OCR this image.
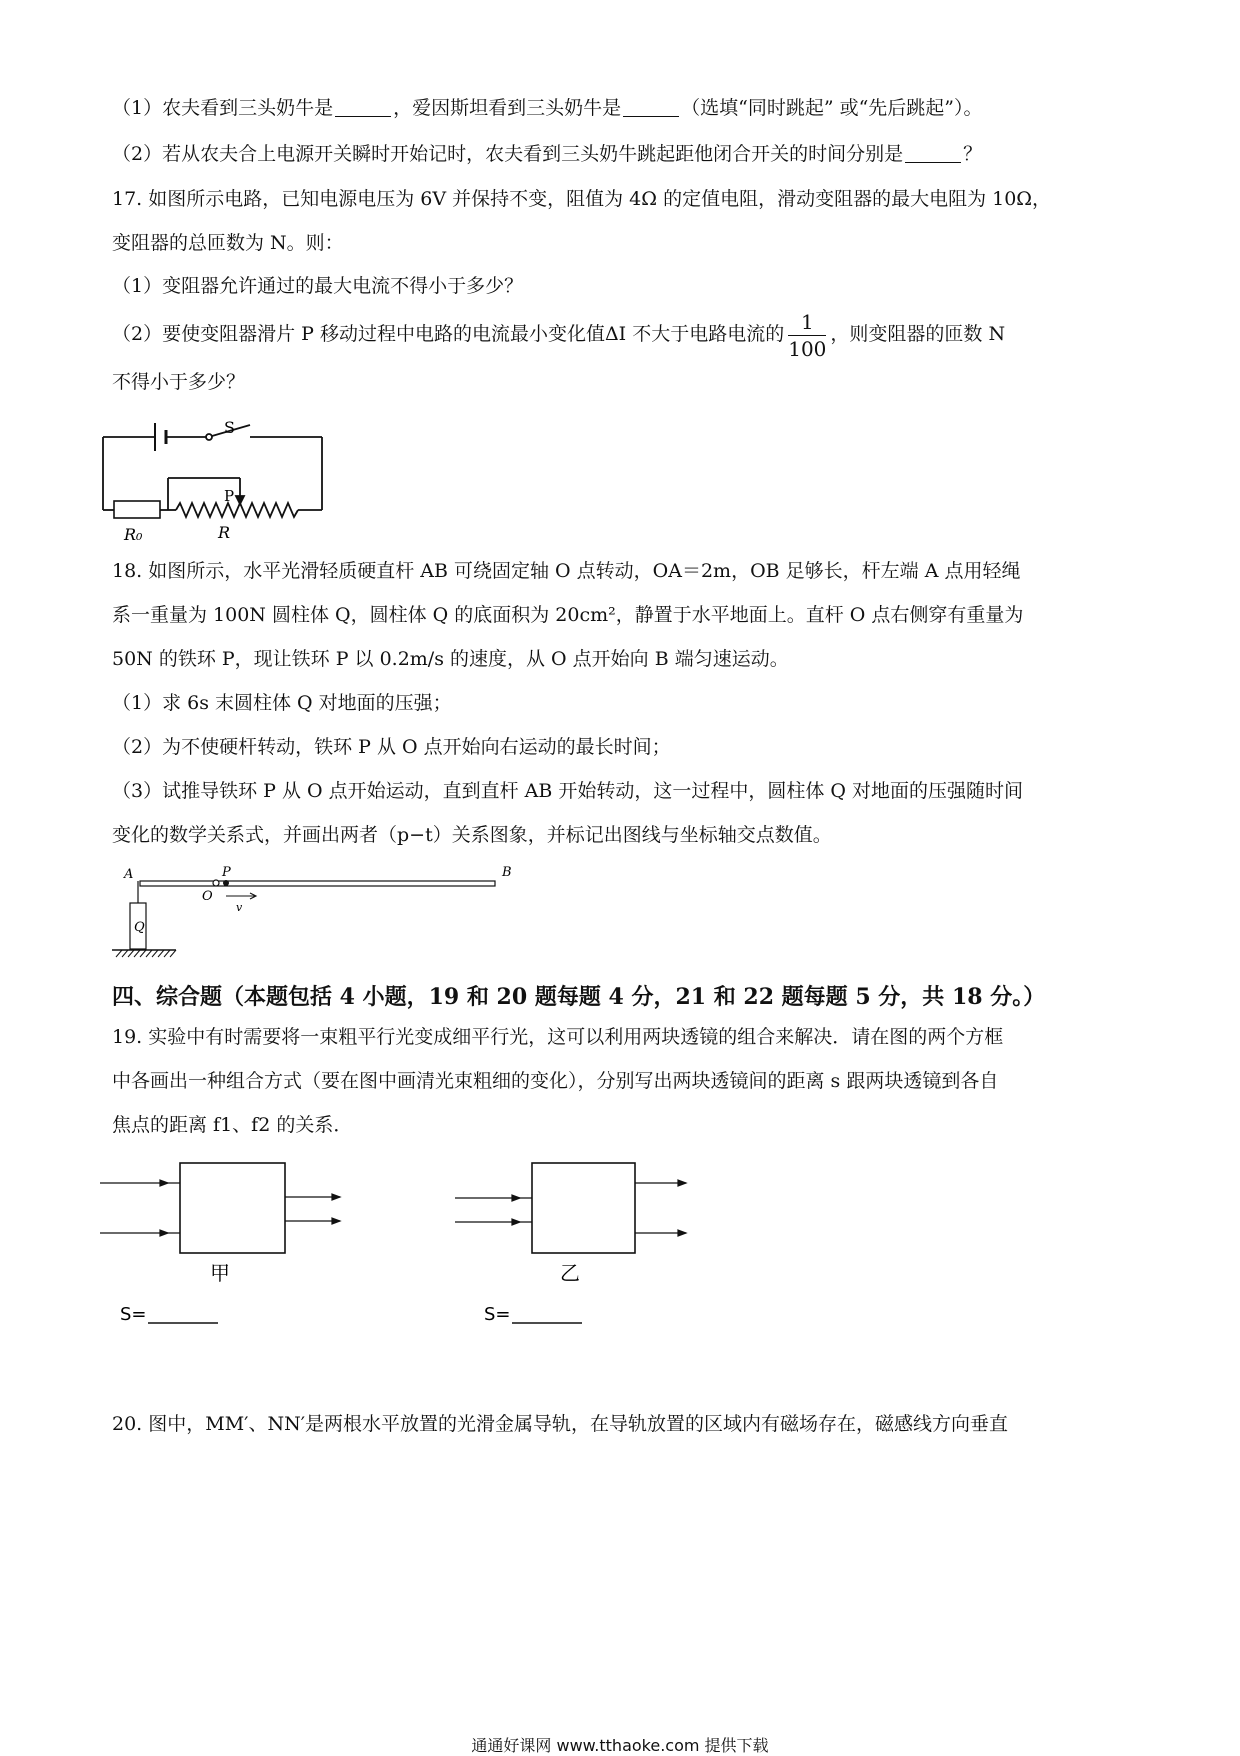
（1）农夫看到三头奶牛是	，爱因斯坦看到三头奶牛是	（选填“同时跳起” 或“先后跳起”）。
（2）若从农夫合上电源开关瞬时开始记时，农夫看到三头奶牛跳起距他闭合开关的时间分别是	？
17. 如图所示电路，已知电源电压为 6V 并保持不变，阻值为 4Ω 的定值电阻，滑动变阻器的最大电阻为 10Ω，
变阻器的总匝数为 N。则：
（1）变阻器允许通过的最大电流不得小于多少？
（2）要使变阻器滑片 P 移动过程中电路的电流最小变化值ΔI 不大于电路电流的 $\frac{1}{100}$ ，则变阻器的匝数 N
不得小于多少？
S
P
R₀	R
18. 如图所示，水平光滑轻质硬直杆 AB 可绕固定轴 O 点转动，OA＝2m，OB 足够长，杆左端 A 点用轻绳
系一重量为 100N 圆柱体 Q，圆柱体 Q 的底面积为 20cm²，静置于水平地面上。直杆 O 点右侧穿有重量为
50N 的铁环 P，现让铁环 P 以 0.2m/s 的速度，从 O 点开始向 B 端匀速运动。
（1）求 6s 末圆柱体 Q 对地面的压强；
（2）为不使硬杆转动，铁环 P 从 O 点开始向右运动的最长时间；
（3）试推导铁环 P 从 O 点开始运动，直到直杆 AB 开始转动，这一过程中，圆柱体 Q 对地面的压强随时间
变化的数学关系式，并画出两者（p−t）关系图象，并标记出图线与坐标轴交点数值。
A	B
O
P
Q
v
四、综合题（本题包括 4 小题，19 和 20 题每题 4 分，21 和 22 题每题 5 分，共 18 分。）
19. 实验中有时需要将一束粗平行光变成细平行光，这可以利用两块透镜的组合来解决．请在图的两个方框
中各画出一种组合方式（要在图中画清光束粗细的变化），分别写出两块透镜间的距离 s 跟两块透镜到各自
焦点的距离 f1、f2 的关系．
甲
S=
乙
S=
20. 图中，MM′、NN′是两根水平放置的光滑金属导轨，在导轨放置的区域内有磁场存在，磁感线方向垂直
通通好课网 www.tthaoke.com 提供下载
